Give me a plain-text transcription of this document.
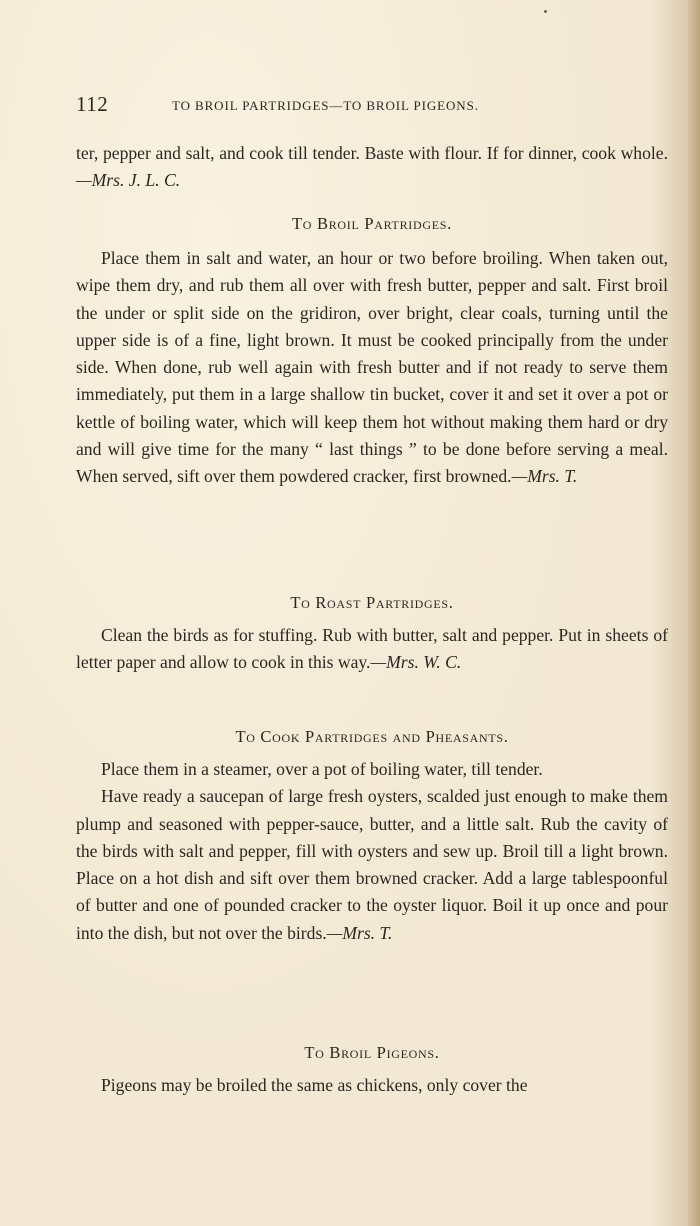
112	TO BROIL PARTRIDGES—TO BROIL PIGEONS.

ter, pepper and salt, and cook till tender. Baste with flour. If for dinner, cook whole.—Mrs. J. L. C.

To Broil Partridges.

Place them in salt and water, an hour or two before broiling. When taken out, wipe them dry, and rub them all over with fresh butter, pepper and salt. First broil the under or split side on the gridiron, over bright, clear coals, turning until the upper side is of a fine, light brown. It must be cooked principally from the under side. When done, rub well again with fresh butter and if not ready to serve them immediately, put them in a large shallow tin bucket, cover it and set it over a pot or kettle of boiling water, which will keep them hot without making them hard or dry and will give time for the many “ last things ” to be done before serving a meal. When served, sift over them powdered cracker, first browned.—Mrs. T.

To Roast Partridges.

Clean the birds as for stuffing. Rub with butter, salt and pepper. Put in sheets of letter paper and allow to cook in this way.—Mrs. W. C.

To Cook Partridges and Pheasants.

Place them in a steamer, over a pot of boiling water, till tender.

Have ready a saucepan of large fresh oysters, scalded just enough to make them plump and seasoned with pepper-sauce, butter, and a little salt. Rub the cavity of the birds with salt and pepper, fill with oysters and sew up. Broil till a light brown. Place on a hot dish and sift over them browned cracker. Add a large tablespoonful of butter and one of pounded cracker to the oyster liquor. Boil it up once and pour into the dish, but not over the birds.—Mrs. T.

To Broil Pigeons.

Pigeons may be broiled the same as chickens, only cover the
